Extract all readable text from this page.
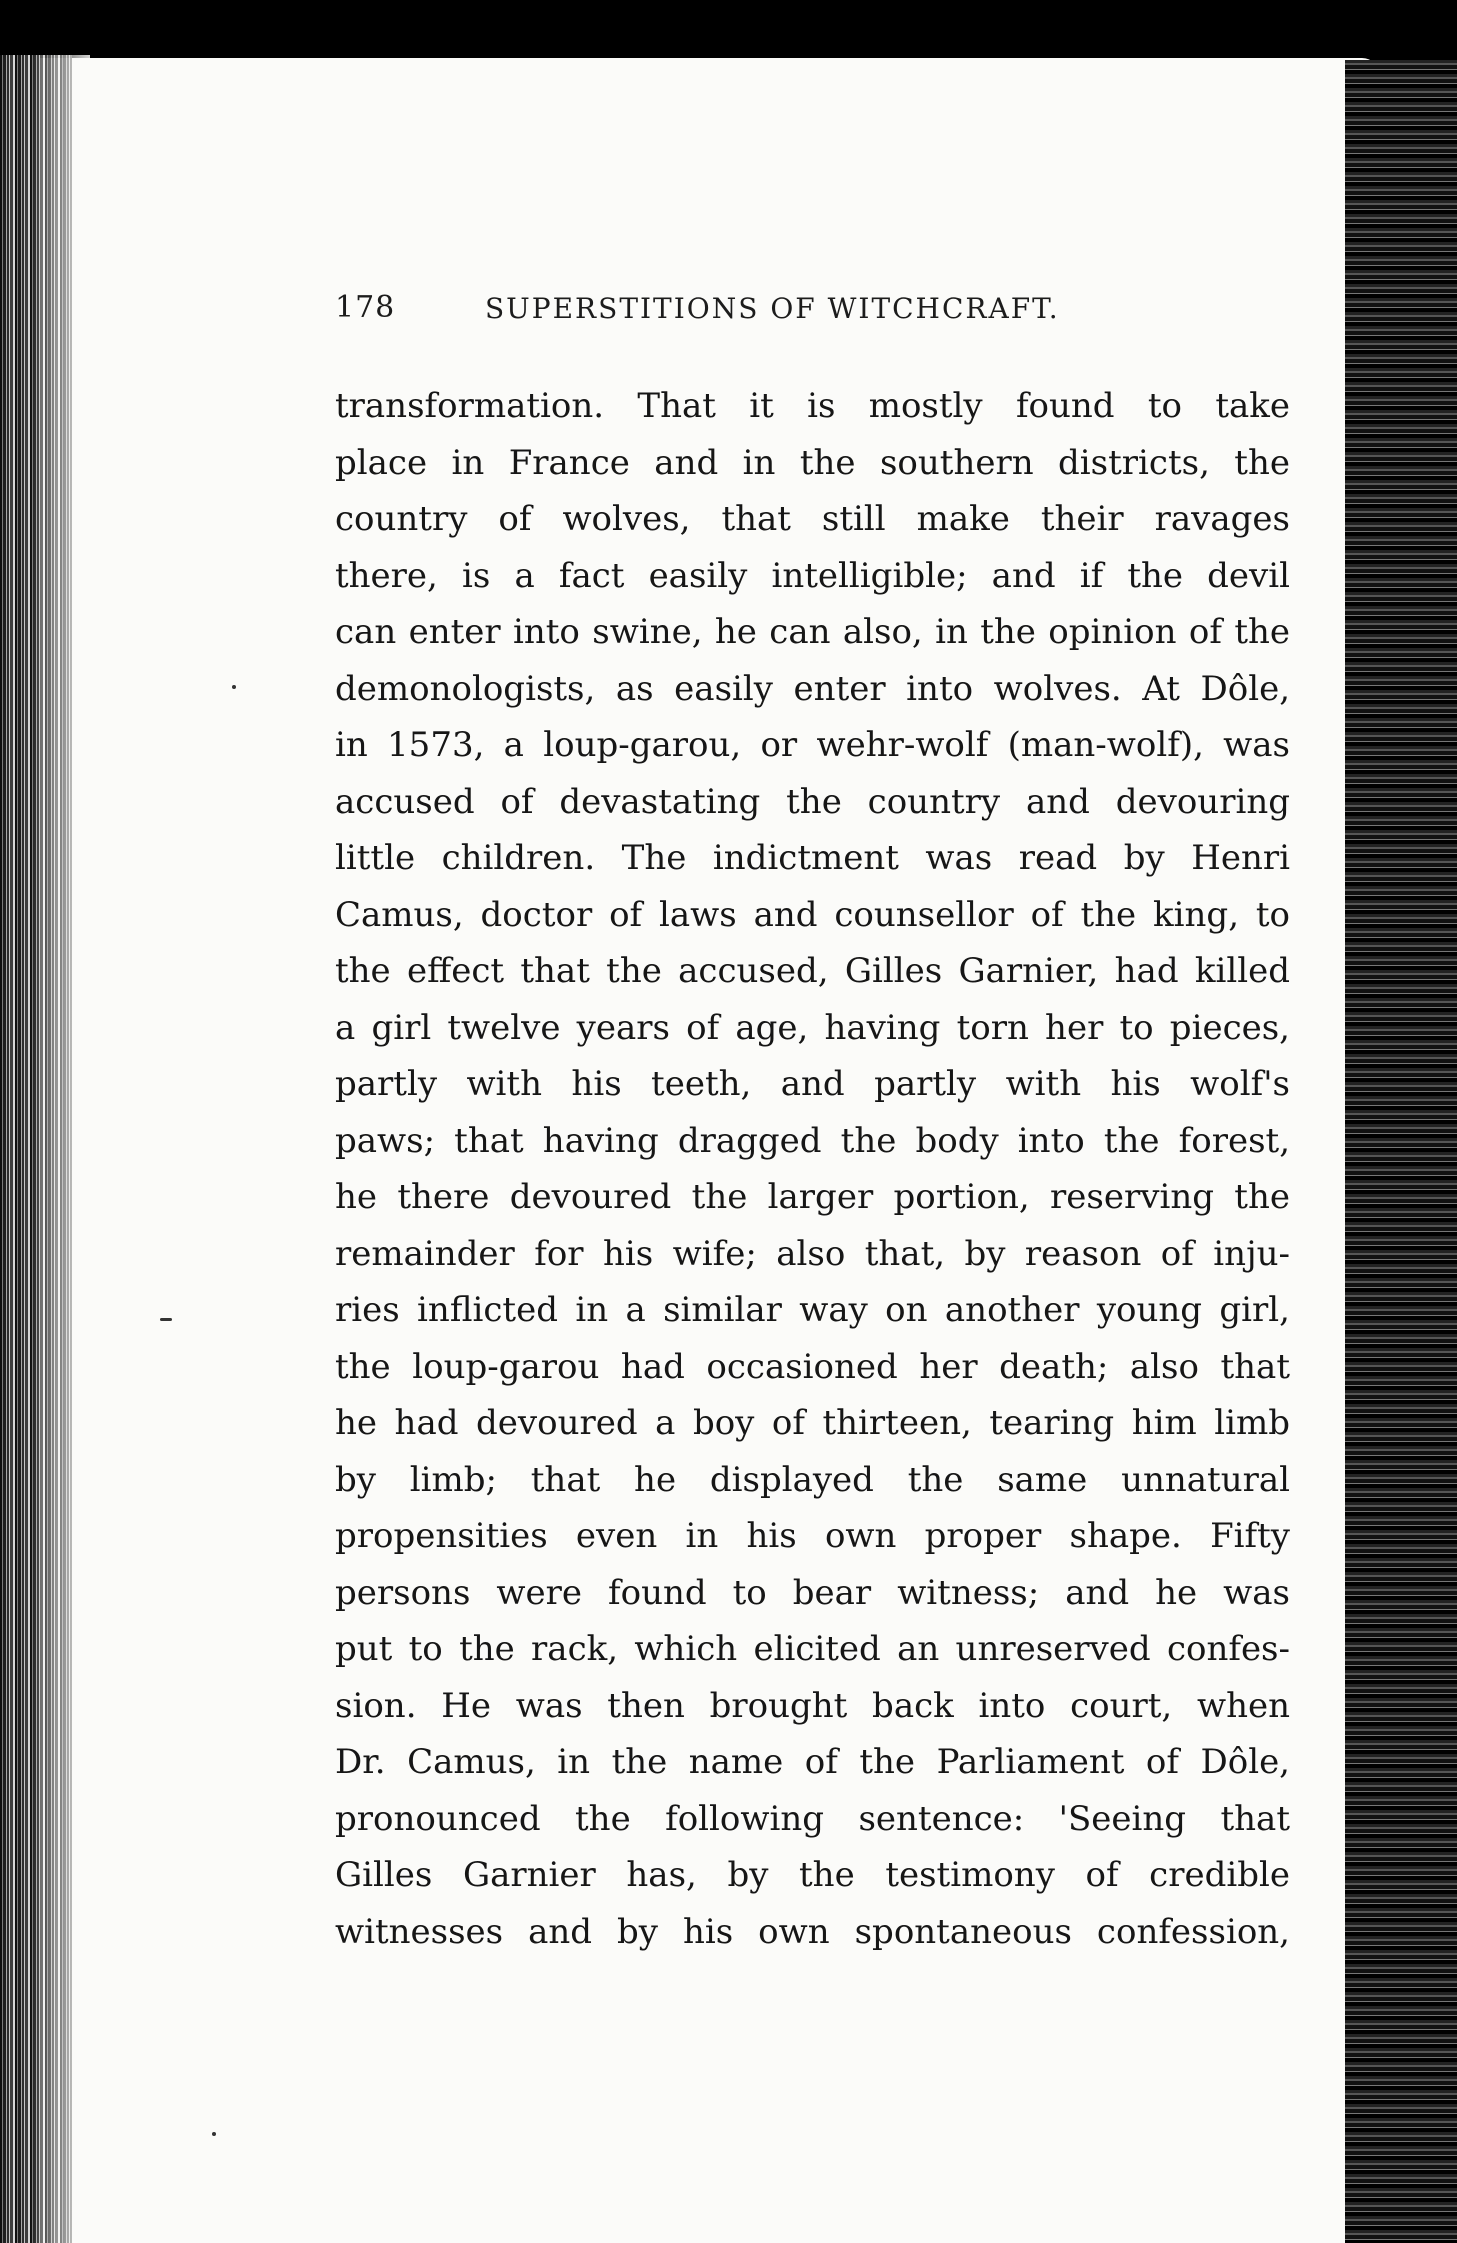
178	SUPERSTITIONS OF WITCHCRAFT.
transformation. That it is mostly found to take
place in France and in the southern districts, the
country of wolves, that still make their ravages
there, is a fact easily intelligible; and if the devil
can enter into swine, he can also, in the opinion of the
demonologists, as easily enter into wolves. At Dôle,
in 1573, a loup-garou, or wehr-wolf (man-wolf), was
accused of devastating the country and devouring
little children. The indictment was read by Henri
Camus, doctor of laws and counsellor of the king, to
the effect that the accused, Gilles Garnier, had killed
a girl twelve years of age, having torn her to pieces,
partly with his teeth, and partly with his wolf's
paws; that having dragged the body into the forest,
he there devoured the larger portion, reserving the
remainder for his wife; also that, by reason of inju-
ries inflicted in a similar way on another young girl,
the loup-garou had occasioned her death; also that
he had devoured a boy of thirteen, tearing him limb
by limb; that he displayed the same unnatural
propensities even in his own proper shape. Fifty
persons were found to bear witness; and he was
put to the rack, which elicited an unreserved confes-
sion. He was then brought back into court, when
Dr. Camus, in the name of the Parliament of Dôle,
pronounced the following sentence: 'Seeing that
Gilles Garnier has, by the testimony of credible
witnesses and by his own spontaneous confession,
